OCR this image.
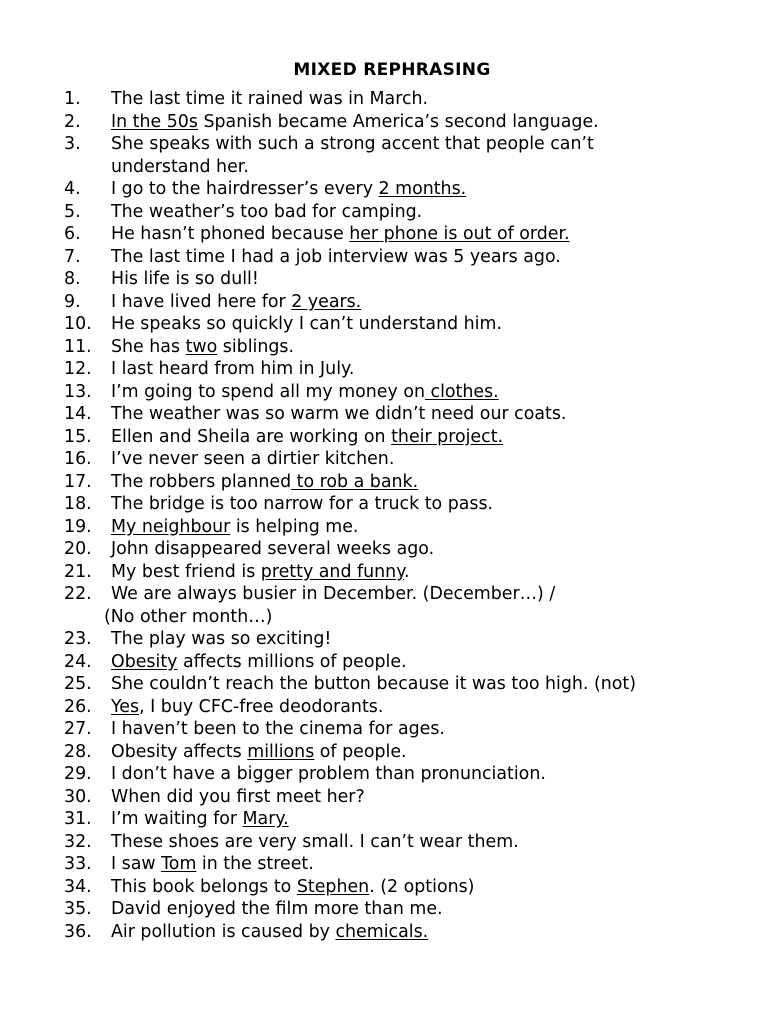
MIXED REPHRASING
1.	The last time it rained was in March.
2.	In the 50s Spanish became America’s second language.
3.	She speaks with such a strong accent that people can’t understand her.
4.	I go to the hairdresser’s every 2 months.
5.	The weather’s too bad for camping.
6.	He hasn’t phoned because her phone is out of order.
7.	The last time I had a job interview was 5 years ago.
8.	His life is so dull!
9.	I have lived here for 2 years.
10. He speaks so quickly I can’t understand him.
11. She has two siblings.
12. I last heard from him in July.
13. I’m going to spend all my money on clothes.
14. The weather was so warm we didn’t need our coats.
15. Ellen and Sheila are working on their project.
16. I’ve never seen a dirtier kitchen.
17. The robbers planned to rob a bank.
18. The bridge is too narrow for a truck to pass.
19. My neighbour is helping me.
20. John disappeared several weeks ago.
21. My best friend is pretty and funny.
22. We are always busier in December. (December…) /
(No other month…)
23. The play was so exciting!
24. Obesity affects millions of people.
25. She couldn’t reach the button because it was too high. (not)
26. Yes, I buy CFC-free deodorants.
27. I haven’t been to the cinema for ages.
28. Obesity affects millions of people.
29. I don’t have a bigger problem than pronunciation.
30. When did you first meet her?
31. I’m waiting for Mary.
32. These shoes are very small. I can’t wear them.
33. I saw Tom in the street.
34. This book belongs to Stephen. (2 options)
35. David enjoyed the film more than me.
36. Air pollution is caused by chemicals.
